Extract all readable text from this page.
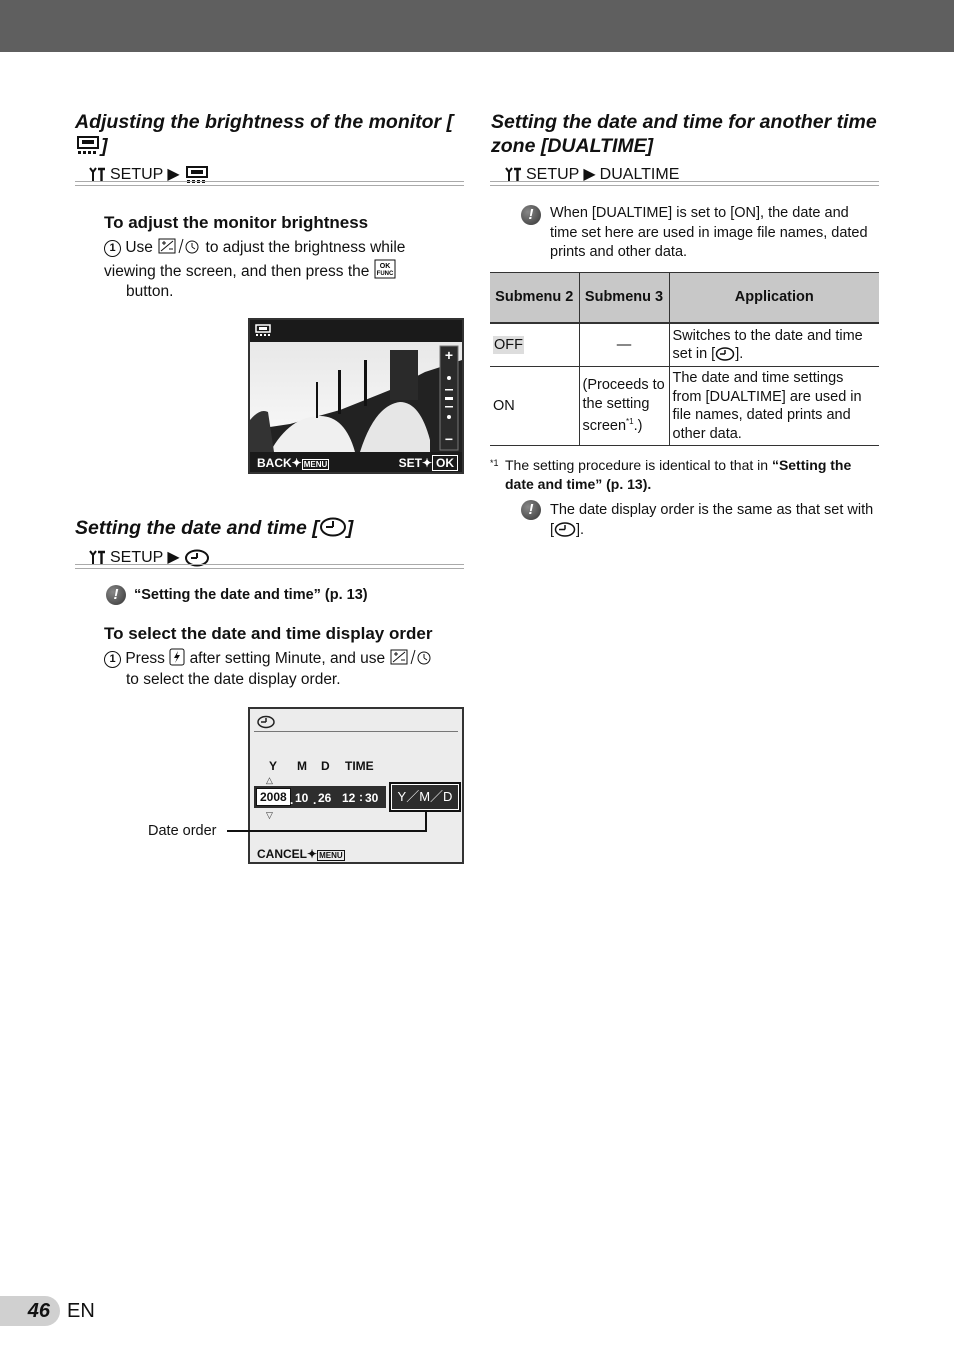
Adjusting the brightness of the monitor []

SETUP ▶
To adjust the monitor brightness
1 Use	to adjust the brightness while viewing the screen, and then press the OK
FUNC

button.
+
−
BACK✦ MENU	SET✦ OK

Setting the date and time [ ]

SETUP ▶
!	“Setting the date and time” (p. 13)
To select the date and time display order
1 Press after setting Minute, and use
to select the date display order.
Y M D TIME
△
2008 10 26 12 30
. .	:
▽
Y／M／D
CANCEL✦ MENU
Date order

Setting the date and time for another time zone [DUALTIME]

SETUP ▶ DUALTIME
!	When [DUALTIME] is set to [ON], the date and time set here are used in image file names, dated prints and other data.
Submenu 2	Submenu 3	Application
OFF	—	Switches to the date and time set in [ ].
ON	(Proceeds to the setting screen$^{*1}$.)	The date and time settings from [DUALTIME] are used in file names, dated prints and other data.
*1 The setting procedure is identical to that in “Setting the date and time” (p. 13).
!	The date display order is the same as that set with [ ].
46 EN
